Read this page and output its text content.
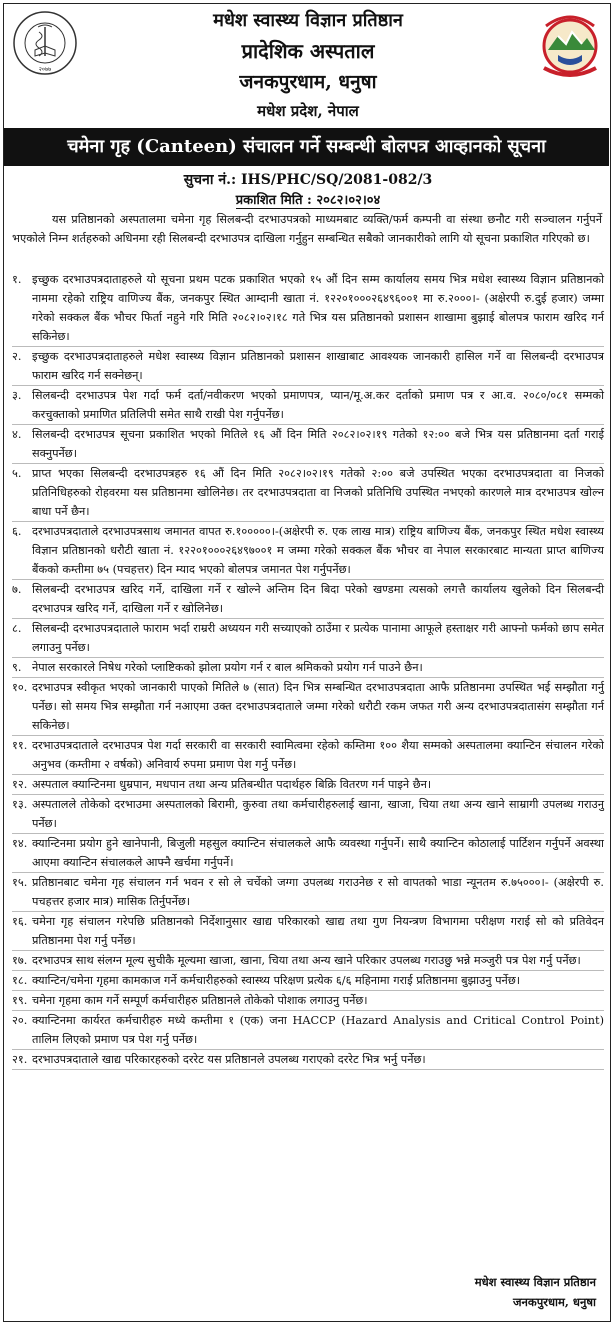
२०७७
मधेश स्वास्थ्य विज्ञान प्रतिष्ठान
प्रादेशिक अस्पताल
जनकपुरधाम, धनुषा
मधेश प्रदेश, नेपाल
चमेना गृह (Canteen) संचालन गर्ने सम्बन्धी बोलपत्र आव्हानको सूचना
सुचना नं.: IHS/PHC/SQ/2081-082/3
प्रकाशित मिति : २०८२।०२।०४

यस प्रतिष्ठानको अस्पतालमा चमेना गृह सिलबन्दी दरभाउपत्रको माध्यमबाट व्यक्ति/फर्म कम्पनी वा संस्था छनौट गरी सञ्चालन गर्नुपर्ने भएकोले निम्न शर्तहरुको अधिनमा रही सिलबन्दी दरभाउपत्र दाखिला गर्नुहुन सम्बन्धित सबैको जानकारीको लागि यो सूचना प्रकाशित गरिएको छ।

१. इच्छुक दरभाउपत्रदाताहरुले यो सूचना प्रथम पटक प्रकाशित भएको १५ औं दिन सम्म कार्यालय समय भित्र मधेश स्वास्थ्य विज्ञान प्रतिष्ठानको नाममा रहेको राष्ट्रिय वाणिज्य बैंक, जनकपुर स्थित आम्दानी खाता नं. १२२०१०००२६४९६००१ मा रु.२०००।- (अक्षेरपी रु.दुई हजार) जम्मा गरेको सक्कल बैंक भौचर फिर्ता नहुने गरि मिति २०८२।०२।१८ गते भित्र यस प्रतिष्ठानको प्रशासन शाखामा बुझाई बोलपत्र फाराम खरिद गर्न सकिनेछ।
२. इच्छुक दरभाउपत्रदाताहरुले मधेश स्वास्थ्य विज्ञान प्रतिष्ठानको प्रशासन शाखाबाट आवश्यक जानकारी हासिल गर्ने वा सिलबन्दी दरभाउपत्र फाराम खरिद गर्न सक्नेछन्।
३. सिलबन्दी दरभाउपत्र पेश गर्दा फर्म दर्ता/नवीकरण भएको प्रमाणपत्र, प्यान/मू.अ.कर दर्ताको प्रमाण पत्र र आ.व. २०८०/०८१ सम्मको करचुक्ताको प्रमाणित प्रतिलिपी समेत साथै राखी पेश गर्नुपर्नेछ।
४. सिलबन्दी दरभाउपत्र सूचना प्रकाशित भएको मितिले १६ औं दिन मिति २०८२।०२।१९ गतेको १२:०० बजे भित्र यस प्रतिष्ठानमा दर्ता गराई सक्नुपर्नेछ।
५. प्राप्त भएका सिलबन्दी दरभाउपत्रहरु १६ औं दिन मिति २०८२।०२।१९ गतेको २:०० बजे उपस्थित भएका दरभाउपत्रदाता वा निजको प्रतिनिधिहरुको रोहवरमा यस प्रतिष्ठानमा खोलिनेछ। तर दरभाउपत्रदाता वा निजको प्रतिनिधि उपस्थित नभएको कारणले मात्र दरभाउपत्र खोल्न बाधा पर्ने छैन।
६. दरभाउपत्रदाताले दरभाउपत्रसाथ जमानत वापत रु.१०००००।-(अक्षेरपी रु. एक लाख मात्र) राष्ट्रिय बाणिज्य बैंक, जनकपुर स्थित मधेश स्वास्थ्य विज्ञान प्रतिष्ठानको धरौटी खाता नं. १२२०१०००२६४९७००१ म जम्मा गरेको सक्कल बैंक भौचर वा नेपाल सरकारबाट मान्यता प्राप्त बाणिज्य बैंकको कम्तीमा ७५ (पचहत्तर) दिन म्याद भएको बोलपत्र जमानत पेश गर्नुपर्नेछ।
७. सिलबन्दी दरभाउपत्र खरिद गर्ने, दाखिला गर्ने र खोल्ने अन्तिम दिन बिदा परेको खण्डमा त्यसको लगत्तै कार्यालय खुलेको दिन सिलबन्दी दरभाउपत्र खरिद गर्ने, दाखिला गर्ने र खोलिनेछ।
८. सिलबन्दी दरभाउपत्रदाताले फाराम भर्दा राम्ररी अध्ययन गरी सच्याएको ठाउँमा र प्रत्येक पानामा आफूले हस्ताक्षर गरी आफ्नो फर्मको छाप समेत लगाउनु पर्नेछ।
९. नेपाल सरकारले निषेध गरेको प्लाष्टिकको झोला प्रयोग गर्न र बाल श्रमिकको प्रयोग गर्न पाउने छैन।
१०. दरभाउपत्र स्वीकृत भएको जानकारी पाएको मितिले ७ (सात) दिन भित्र सम्बन्धित दरभाउपत्रदाता आफै प्रतिष्ठानमा उपस्थित भई सम्झौता गर्नु पर्नेछ। सो समय भित्र सम्झौता गर्न नआएमा उक्त दरभाउपत्रदाताले जम्मा गरेको धरौटी रकम जफत गरी अन्य दरभाउपत्रदातासंग सम्झौता गर्न सकिनेछ।
११. दरभाउपत्रदाताले दरभाउपत्र पेश गर्दा सरकारी वा सरकारी स्वामित्वमा रहेको कम्तिमा १०० शैया सम्मको अस्पतालमा क्यान्टिन संचालन गरेको अनुभव (कम्तीमा २ वर्षको) अनिवार्य रुपमा प्रमाण पेश गर्नु पर्नेछ।
१२. अस्पताल क्यान्टिनमा धुम्रपान, मधपान तथा अन्य प्रतिबन्धीत पदार्थहरु बिक्रि वितरण गर्न पाइने छैन।
१३. अस्पतालले तोकेको दरभाउमा अस्पतालको बिरामी, कुरुवा तथा कर्मचारीहरुलाई खाना, खाजा, चिया तथा अन्य खाने साम्रागी उपलब्ध गराउनु पर्नेछ।
१४. क्यान्टिनमा प्रयोग हुने खानेपानी, बिजुली महसुल क्यान्टिन संचालकले आफै व्यवस्था गर्नुपर्ने। साथै क्यान्टिन कोठालाई पार्टिशन गर्नुपर्ने अवस्था आएमा क्यान्टिन संचालकले आफ्नै खर्चमा गर्नुपर्ने।
१५. प्रतिष्ठानबाट चमेना गृह संचालन गर्न भवन र सो ले चर्चेको जग्गा उपलब्ध गराउनेछ र सो वापतको भाडा न्यूनतम रु.७५०००।- (अक्षेरपी रु. पचहत्तर हजार मात्र) मासिक तिर्नुपर्नेछ।
१६. चमेना गृह संचालन गरेपछि प्रतिष्ठानको निर्देशानुसार खाद्य परिकारको खाद्य तथा गुण नियन्त्रण विभागमा परीक्षण गराई सो को प्रतिवेदन प्रतिष्ठानमा पेश गर्नु पर्नेछ।
१७. दरभाउपत्र साथ संलग्न मूल्य सुचीकै मूल्यमा खाजा, खाना, चिया तथा अन्य खाने परिकार उपलब्ध गराउछु भन्ने मञ्जुरी पत्र पेश गर्नु पर्नेछ।
१८. क्यान्टिन/चमेना गृहमा कामकाज गर्ने कर्मचारीहरुको स्वास्थ्य परिक्षण प्रत्येक ६/६ महिनामा गराई प्रतिष्ठानमा बुझाउनु पर्नेछ।
१९. चमेना गृहमा काम गर्ने सम्पूर्ण कर्मचारीहरु प्रतिष्ठानले तोकेको पोशाक लगाउनु पर्नेछ।
२०. क्यान्टिनमा कार्यरत कर्मचारीहरु मध्ये कम्तीमा १ (एक) जना HACCP (Hazard Analysis and Critical Control Point) तालिम लिएको प्रमाण पत्र पेश गर्नु पर्नेछ।
२१. दरभाउपत्रदाताले खाद्य परिकारहरुको दररेट यस प्रतिष्ठानले उपलब्ध गराएको दररेट भित्र भर्नु पर्नेछ।
मधेश स्वास्थ्य विज्ञान प्रतिष्ठान
जनकपुरधाम, धनुषा
